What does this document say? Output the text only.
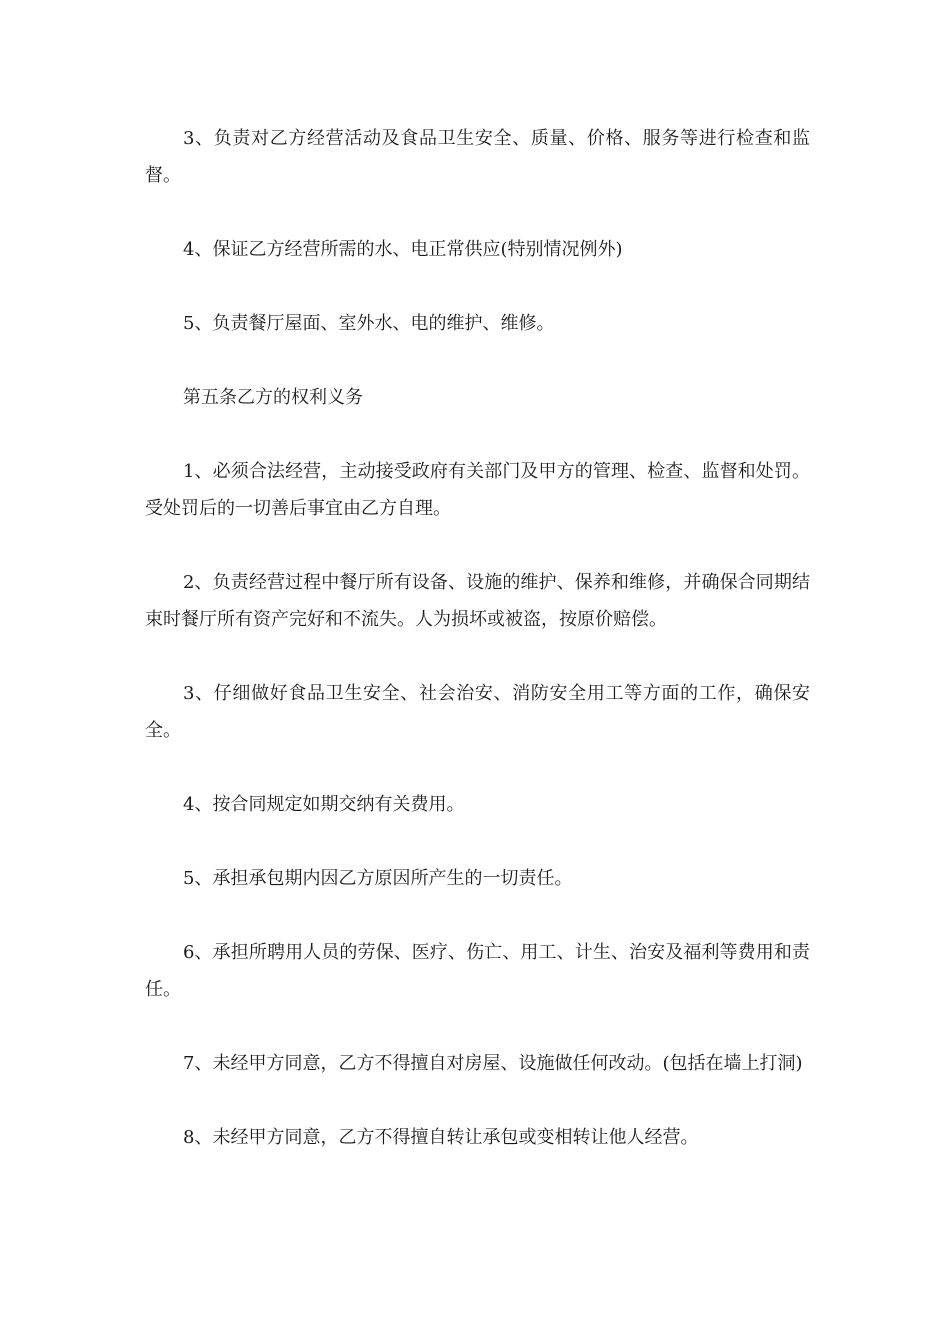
3、负责对乙方经营活动及食品卫生安全、质量、价格、服务等进行检查和监督。

4、保证乙方经营所需的水、电正常供应(特别情况例外)

5、负责餐厅屋面、室外水、电的维护、维修。

第五条乙方的权利义务

1、必须合法经营，主动接受政府有关部门及甲方的管理、检查、监督和处罚。受处罚后的一切善后事宜由乙方自理。

2、负责经营过程中餐厅所有设备、设施的维护、保养和维修，并确保合同期结束时餐厅所有资产完好和不流失。人为损坏或被盗，按原价赔偿。

3、仔细做好食品卫生安全、社会治安、消防安全用工等方面的工作，确保安全。

4、按合同规定如期交纳有关费用。

5、承担承包期内因乙方原因所产生的一切责任。

6、承担所聘用人员的劳保、医疗、伤亡、用工、计生、治安及福利等费用和责任。

7、未经甲方同意，乙方不得擅自对房屋、设施做任何改动。(包括在墙上打洞)

8、未经甲方同意，乙方不得擅自转让承包或变相转让他人经营。
